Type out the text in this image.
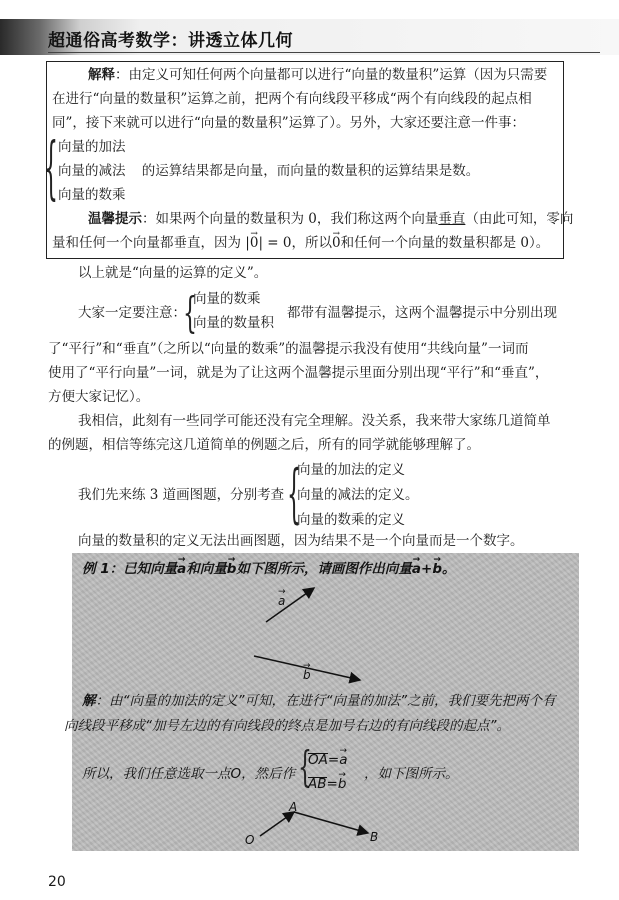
超通俗高考数学：讲透立体几何
解释：由定义可知任何两个向量都可以进行“向量的数量积”运算（因为只需要
在进行“向量的数量积”运算之前，把两个有向线段平移成“两个有向线段的起点相
同”，接下来就可以进行“向量的数量积”运算了）。另外，大家还要注意一件事：
{ 向量的加法
向量的减法 的运算结果都是向量，而向量的数量积的运算结果是数。
向量的数乘
温馨提示：如果两个向量的数量积为 0，我们称这两个向量垂直（由此可知，零向
量和任何一个向量都垂直，因为 |→ 0| = 0，所以→ 0和任何一个向量的数量积都是 0）。
以上就是“向量的运算的定义”。
大家一定要注意：
{
向量的数乘
向量的数量积
都带有温馨提示，这两个温馨提示中分别出现
了“平行”和“垂直”（之所以“向量的数乘”的温馨提示我没有使用“共线向量”一词而
使用了“平行向量”一词，就是为了让这两个温馨提示里面分别出现“平行”和“垂直”，
方便大家记忆）。
我相信，此刻有一些同学可能还没有完全理解。没关系，我来带大家练几道简单
的例题，相信等练完这几道简单的例题之后，所有的同学就能够理解了。
我们先来练 3 道画图题，分别考查 {
向量的加法的定义
向量的减法的定义。
向量的数乘的定义
向量的数量积的定义无法出画图题，因为结果不是一个向量而是一个数字。
例 1：已知向量→ a和向量→ b如下图所示，请画图作出向量→ a+→ b。
→ a
→ b
解：由“向量的加法的定义”可知，在进行“向量的加法”之前，我们要先把两个有
向线段平移成“加号左边的有向线段的终点是加号右边的有向线段的起点”。
所以，我们任意选取一点O，然后作 {
OA=→ a
AB=→ b
，如下图所示。
O
A
B
20
